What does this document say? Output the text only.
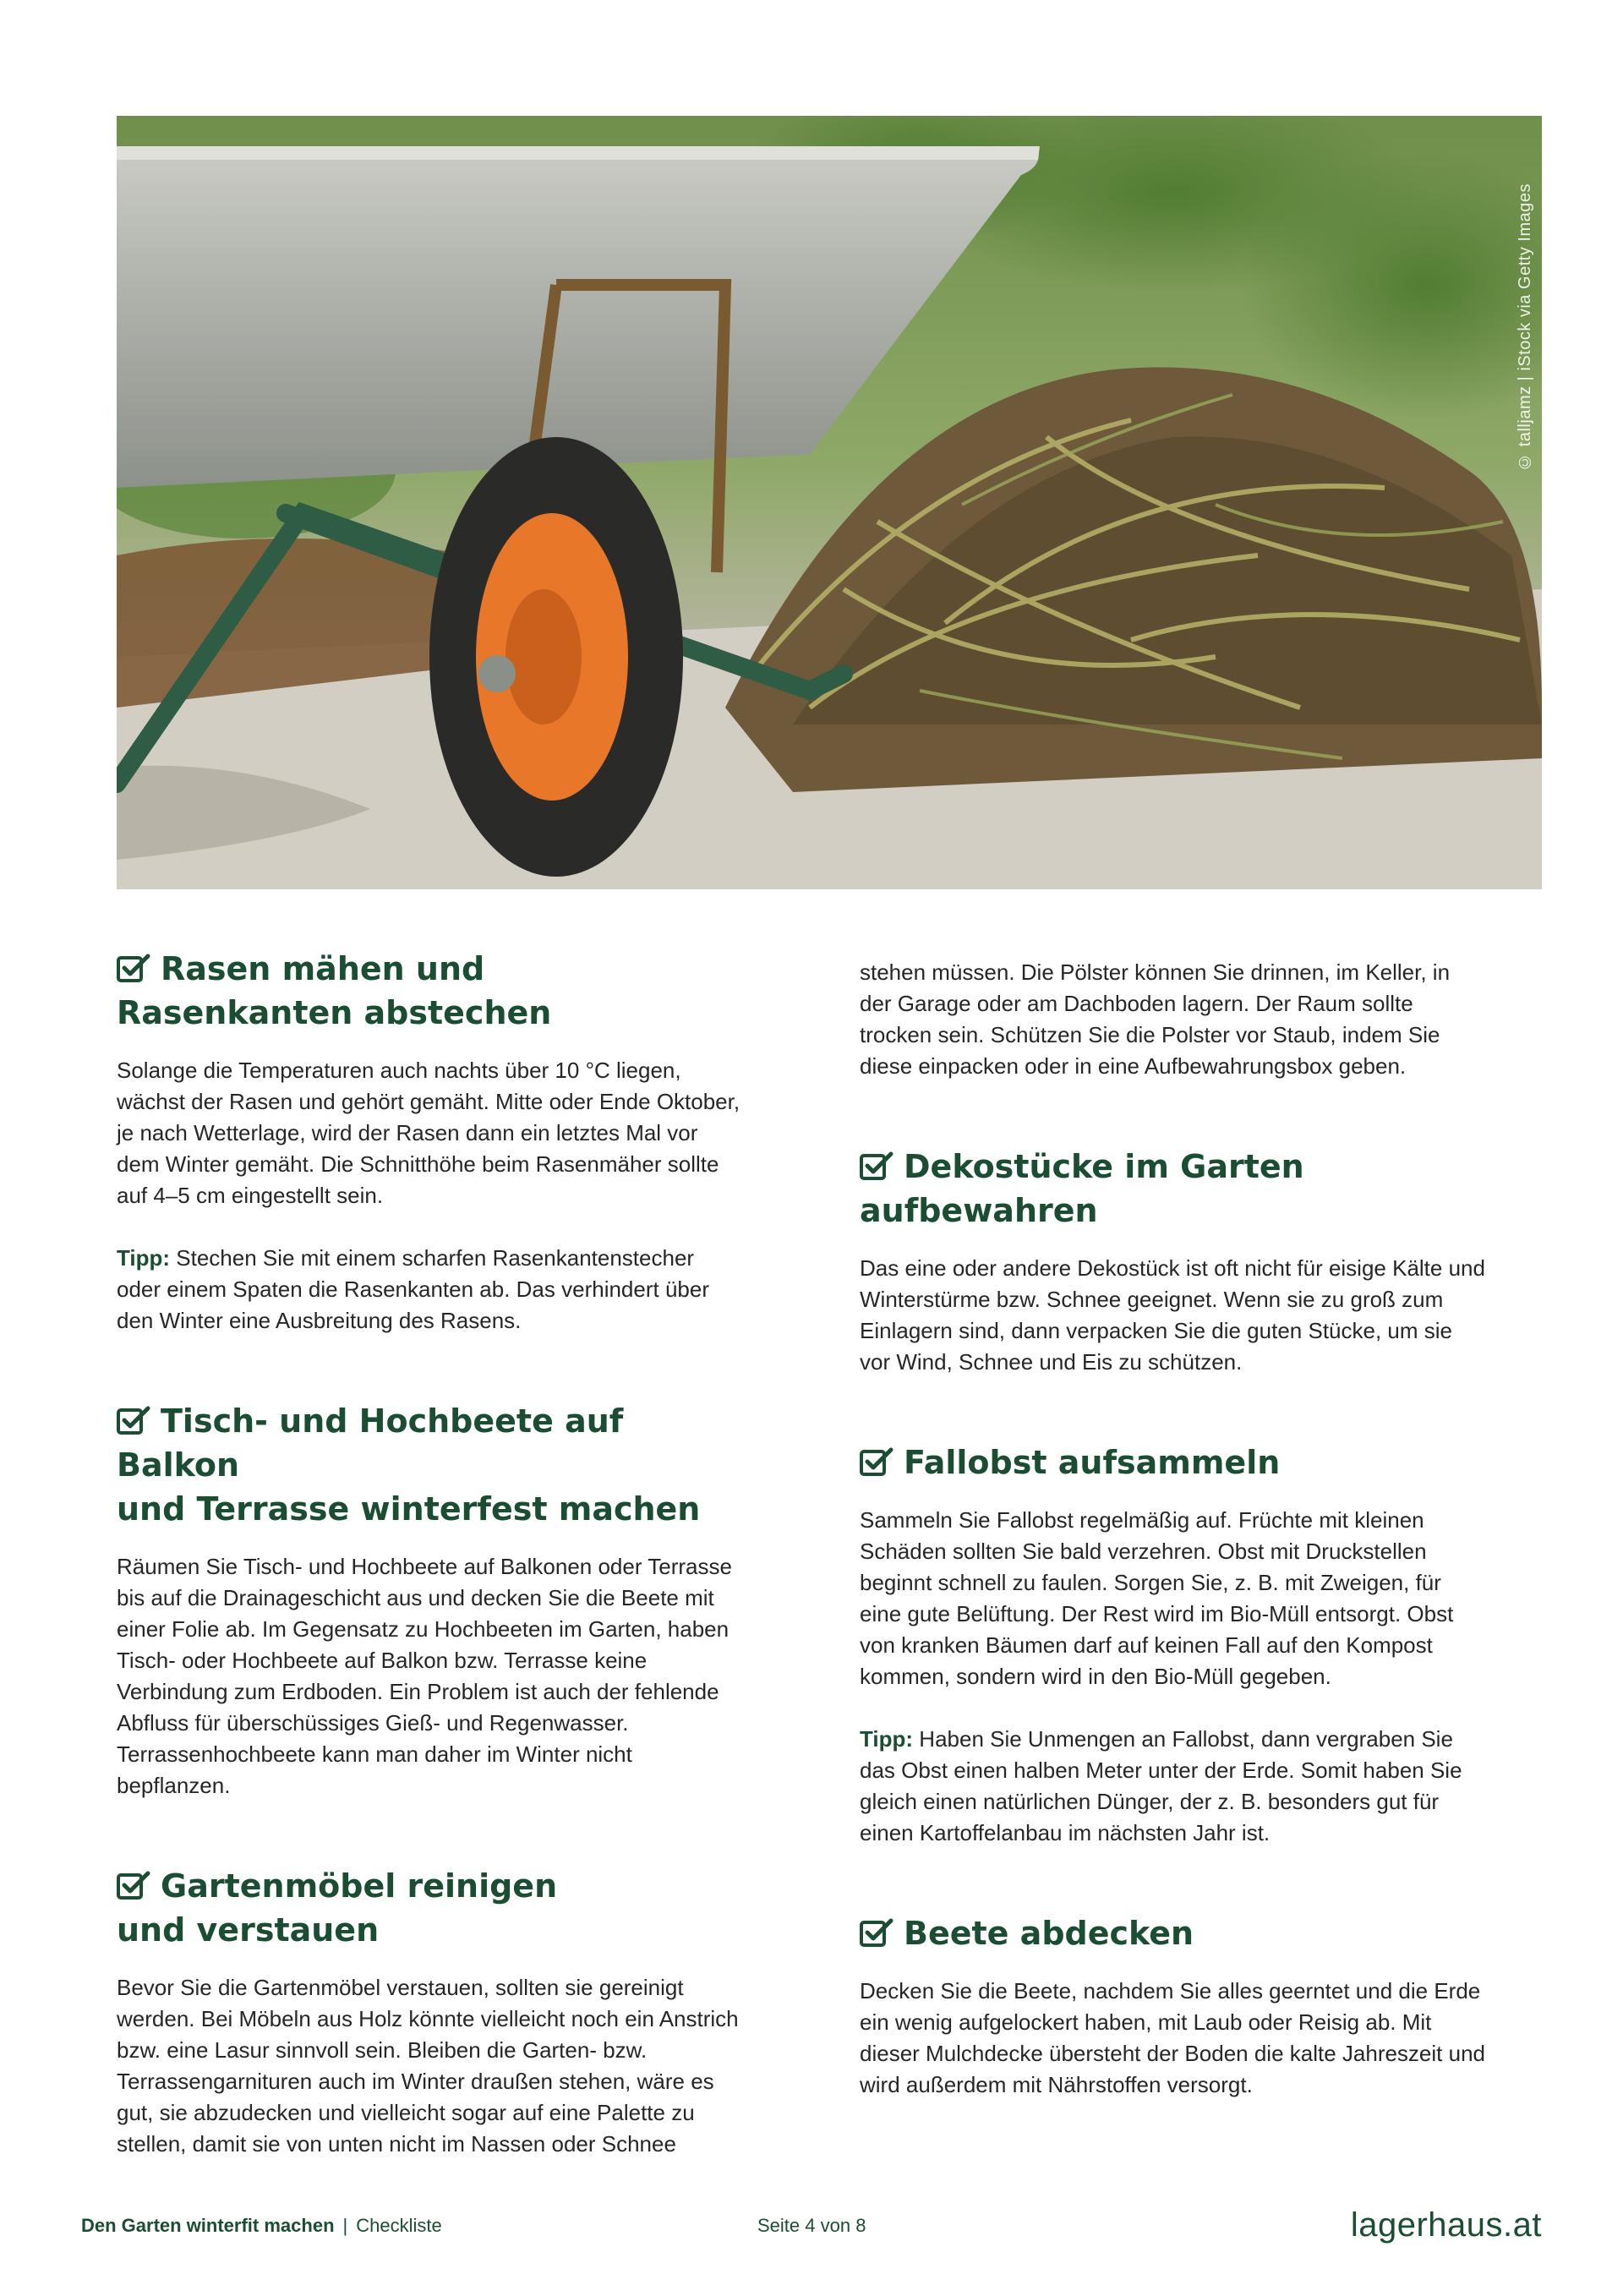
© talljamz | iStock via Getty Images
Rasen mähen und
Rasenkanten abstechen

Solange die Temperaturen auch nachts über 10 °C liegen, wächst der Rasen und gehört gemäht. Mitte oder Ende Oktober, je nach Wetterlage, wird der Rasen dann ein letztes Mal vor dem Winter gemäht. Die Schnitthöhe beim Rasenmäher sollte auf 4–5 cm eingestellt sein.

Tipp: Stechen Sie mit einem scharfen Rasenkantenstecher oder einem Spaten die Rasenkanten ab. Das verhindert über den Winter eine Ausbreitung des Rasens.

Tisch- und Hochbeete auf Balkon
und Terrasse winterfest machen

Räumen Sie Tisch- und Hochbeete auf Balkonen oder Terrasse bis auf die Drainageschicht aus und decken Sie die Beete mit einer Folie ab. Im Gegensatz zu Hochbeeten im Garten, haben Tisch- oder Hochbeete auf Balkon bzw. Terrasse keine Verbindung zum Erdboden. Ein Problem ist auch der fehlende Abfluss für überschüssiges Gieß- und Regenwasser. Terrassenhochbeete kann man daher im Winter nicht bepflanzen.

Gartenmöbel reinigen
und verstauen

Bevor Sie die Gartenmöbel verstauen, sollten sie gereinigt werden. Bei Möbeln aus Holz könnte vielleicht noch ein Anstrich bzw. eine Lasur sinnvoll sein. Bleiben die Garten- bzw. Terrassengarnituren auch im Winter draußen stehen, wäre es gut, sie abzudecken und vielleicht sogar auf eine Palette zu stellen, damit sie von unten nicht im Nassen oder Schnee

stehen müssen. Die Pölster können Sie drinnen, im Keller, in der Garage oder am Dachboden lagern. Der Raum sollte trocken sein. Schützen Sie die Polster vor Staub, indem Sie diese einpacken oder in eine Aufbewahrungsbox geben.

Dekostücke im Garten aufbewahren

Das eine oder andere Dekostück ist oft nicht für eisige Kälte und Winterstürme bzw. Schnee geeignet. Wenn sie zu groß zum Einlagern sind, dann verpacken Sie die guten Stücke, um sie vor Wind, Schnee und Eis zu schützen.

Fallobst aufsammeln

Sammeln Sie Fallobst regelmäßig auf. Früchte mit kleinen Schäden sollten Sie bald verzehren. Obst mit Druckstellen beginnt schnell zu faulen. Sorgen Sie, z. B. mit Zweigen, für eine gute Belüftung. Der Rest wird im Bio-Müll entsorgt. Obst von kranken Bäumen darf auf keinen Fall auf den Kompost kommen, sondern wird in den Bio-Müll gegeben.

Tipp: Haben Sie Unmengen an Fallobst, dann vergraben Sie das Obst einen halben Meter unter der Erde. Somit haben Sie gleich einen natürlichen Dünger, der z. B. besonders gut für einen Kartoffelanbau im nächsten Jahr ist.

Beete abdecken

Decken Sie die Beete, nachdem Sie alles geerntet und die Erde ein wenig aufgelockert haben, mit Laub oder Reisig ab. Mit dieser Mulchdecke übersteht der Boden die kalte Jahreszeit und wird außerdem mit Nährstoffen versorgt.

Den Garten winterfit machen | Checkliste	Seite 4 von 8	lagerhaus.at
